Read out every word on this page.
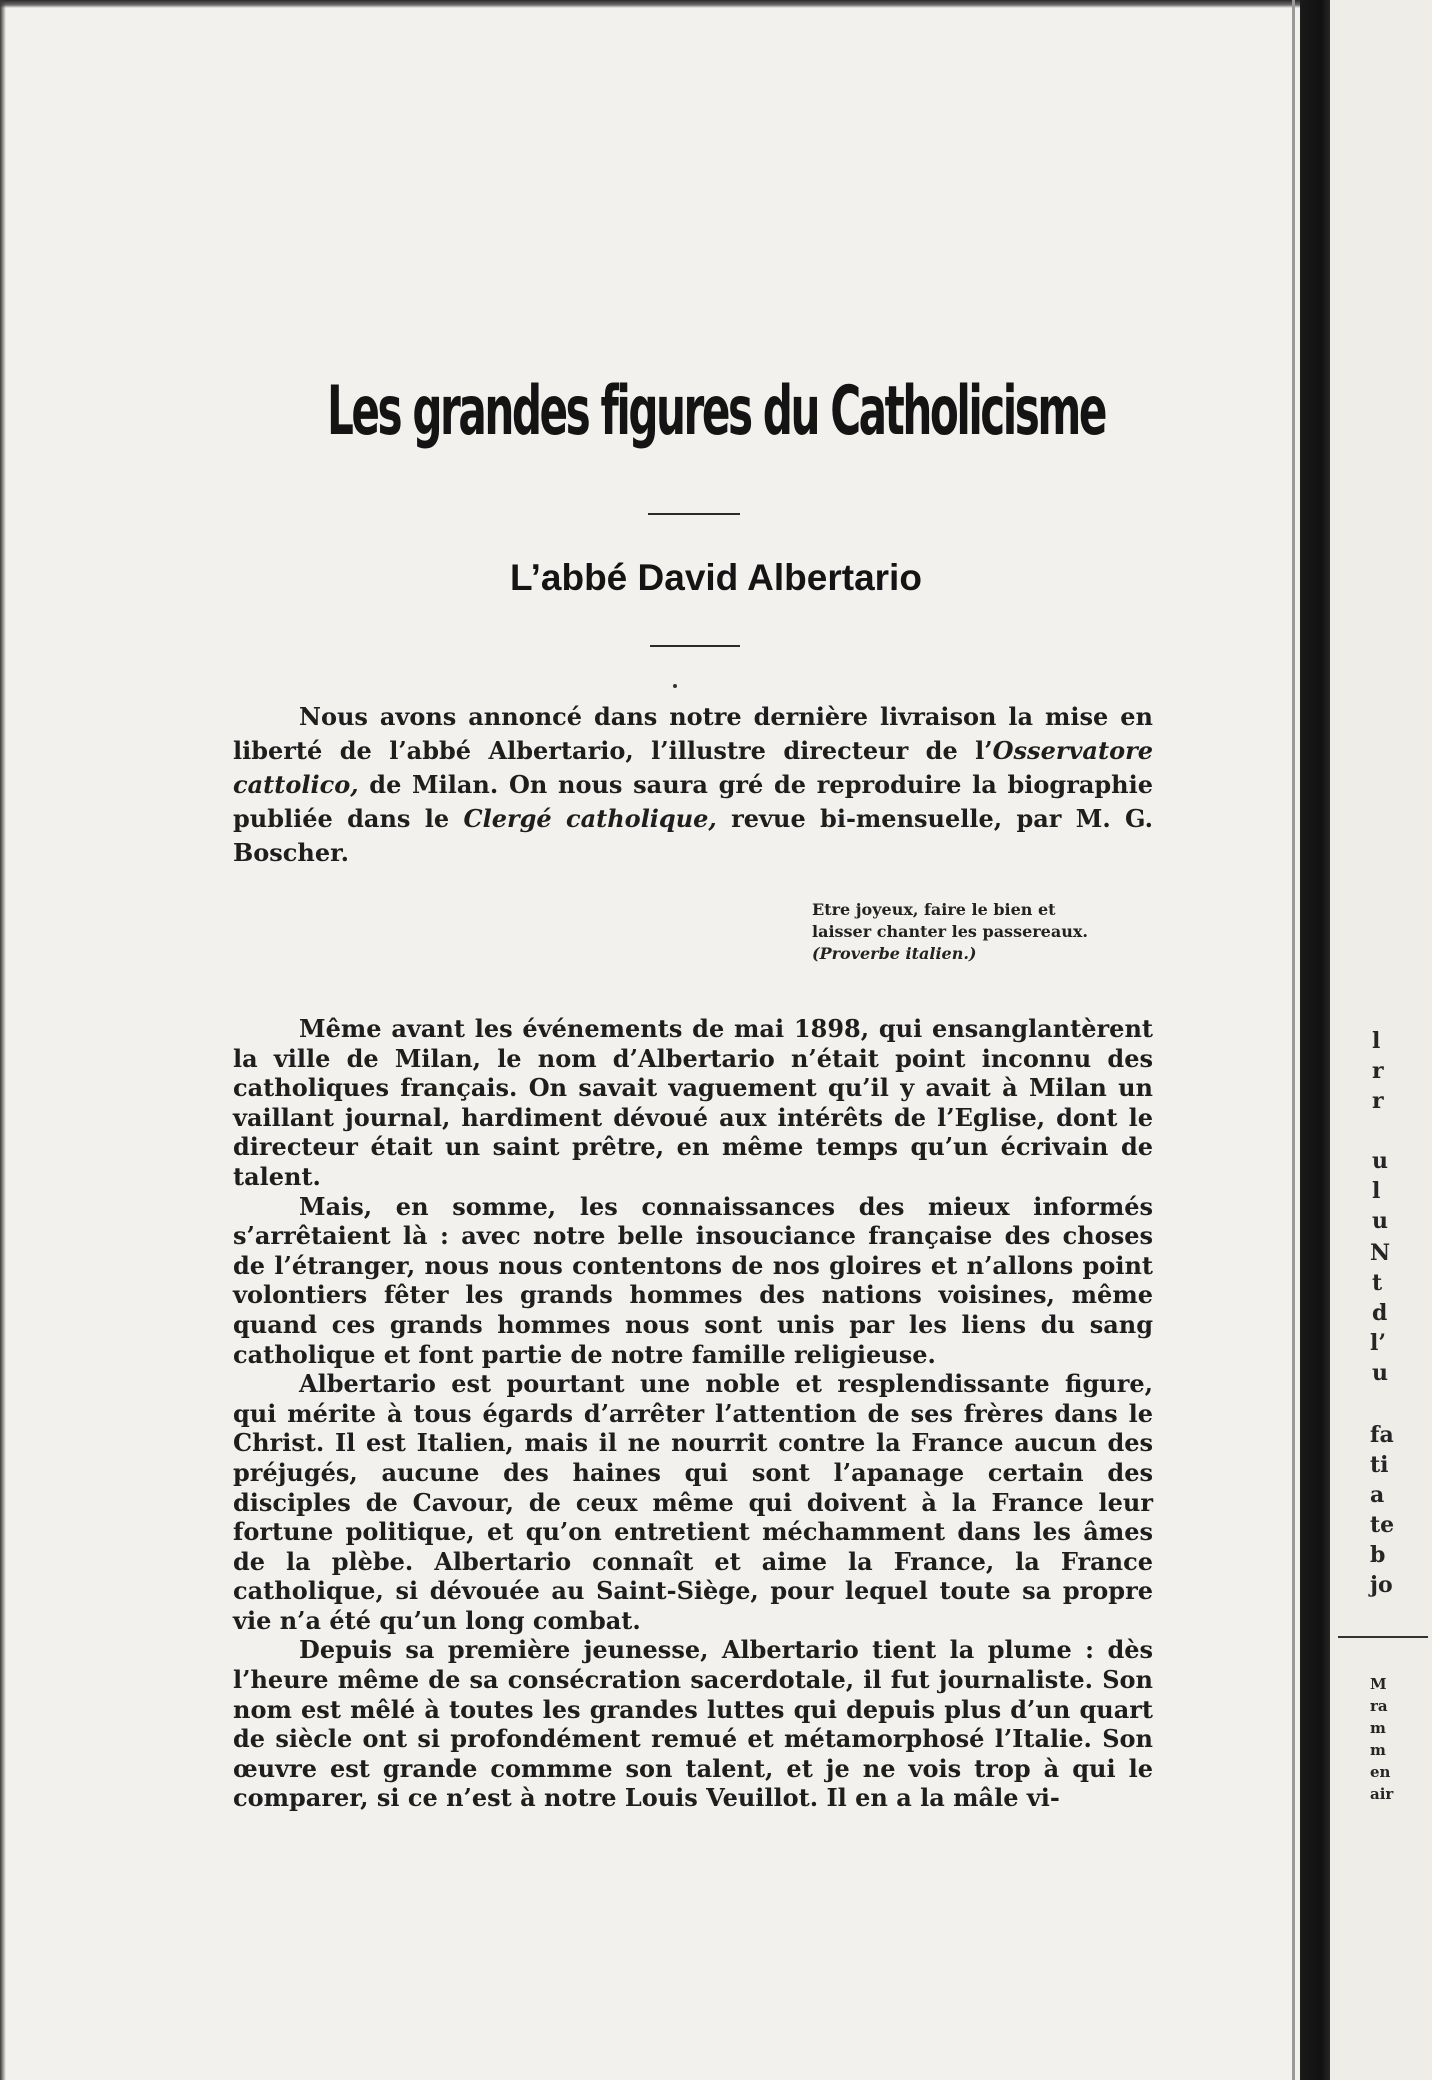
l
r
r
u
l
u
N
t
d
l’
u
fa
ti
a
te
b
jo
M
ra
m
m
en
air
Les grandes figures du Catholicisme
L’abbé David Albertario

Nous avons annoncé dans notre dernière livraison la mise en liberté de l’abbé Albertario, l’illustre directeur de l’Osservatore cattolico, de Milan. On nous saura gré de reproduire la biographie publiée dans le Clergé catholique, revue bi-mensuelle, par M. G. Boscher.

Etre joyeux, faire le bien et laisser chanter les passereaux. (Proverbe italien.)

Même avant les événements de mai 1898, qui ensanglantèrent la ville de Milan, le nom d’Albertario n’était point inconnu des catholiques français. On savait vaguement qu’il y avait à Milan un vaillant journal, hardiment dévoué aux intérêts de l’Eglise, dont le directeur était un saint prêtre, en même temps qu’un écrivain de talent.

Mais, en somme, les connaissances des mieux informés s’arrêtaient là : avec notre belle insouciance française des choses de l’étranger, nous nous contentons de nos gloires et n’allons point volontiers fêter les grands hommes des nations voisines, même quand ces grands hommes nous sont unis par les liens du sang catholique et font partie de notre famille religieuse.

Albertario est pourtant une noble et resplendissante figure, qui mérite à tous égards d’arrêter l’attention de ses frères dans le Christ. Il est Italien, mais il ne nourrit contre la France aucun des préjugés, aucune des haines qui sont l’apanage certain des disciples de Cavour, de ceux même qui doivent à la France leur fortune politique, et qu’on entretient méchamment dans les âmes de la plèbe. Albertario connaît et aime la France, la France catholique, si dévouée au Saint-Siège, pour lequel toute sa propre vie n’a été qu’un long combat.

Depuis sa première jeunesse, Albertario tient la plume : dès l’heure même de sa consécration sacerdotale, il fut journaliste. Son nom est mêlé à toutes les grandes luttes qui depuis plus d’un quart de siècle ont si profondément remué et métamorphosé l’Italie. Son œuvre est grande commme son talent, et je ne vois trop à qui le comparer, si ce n’est à notre Louis Veuillot. Il en a la mâle vi-
